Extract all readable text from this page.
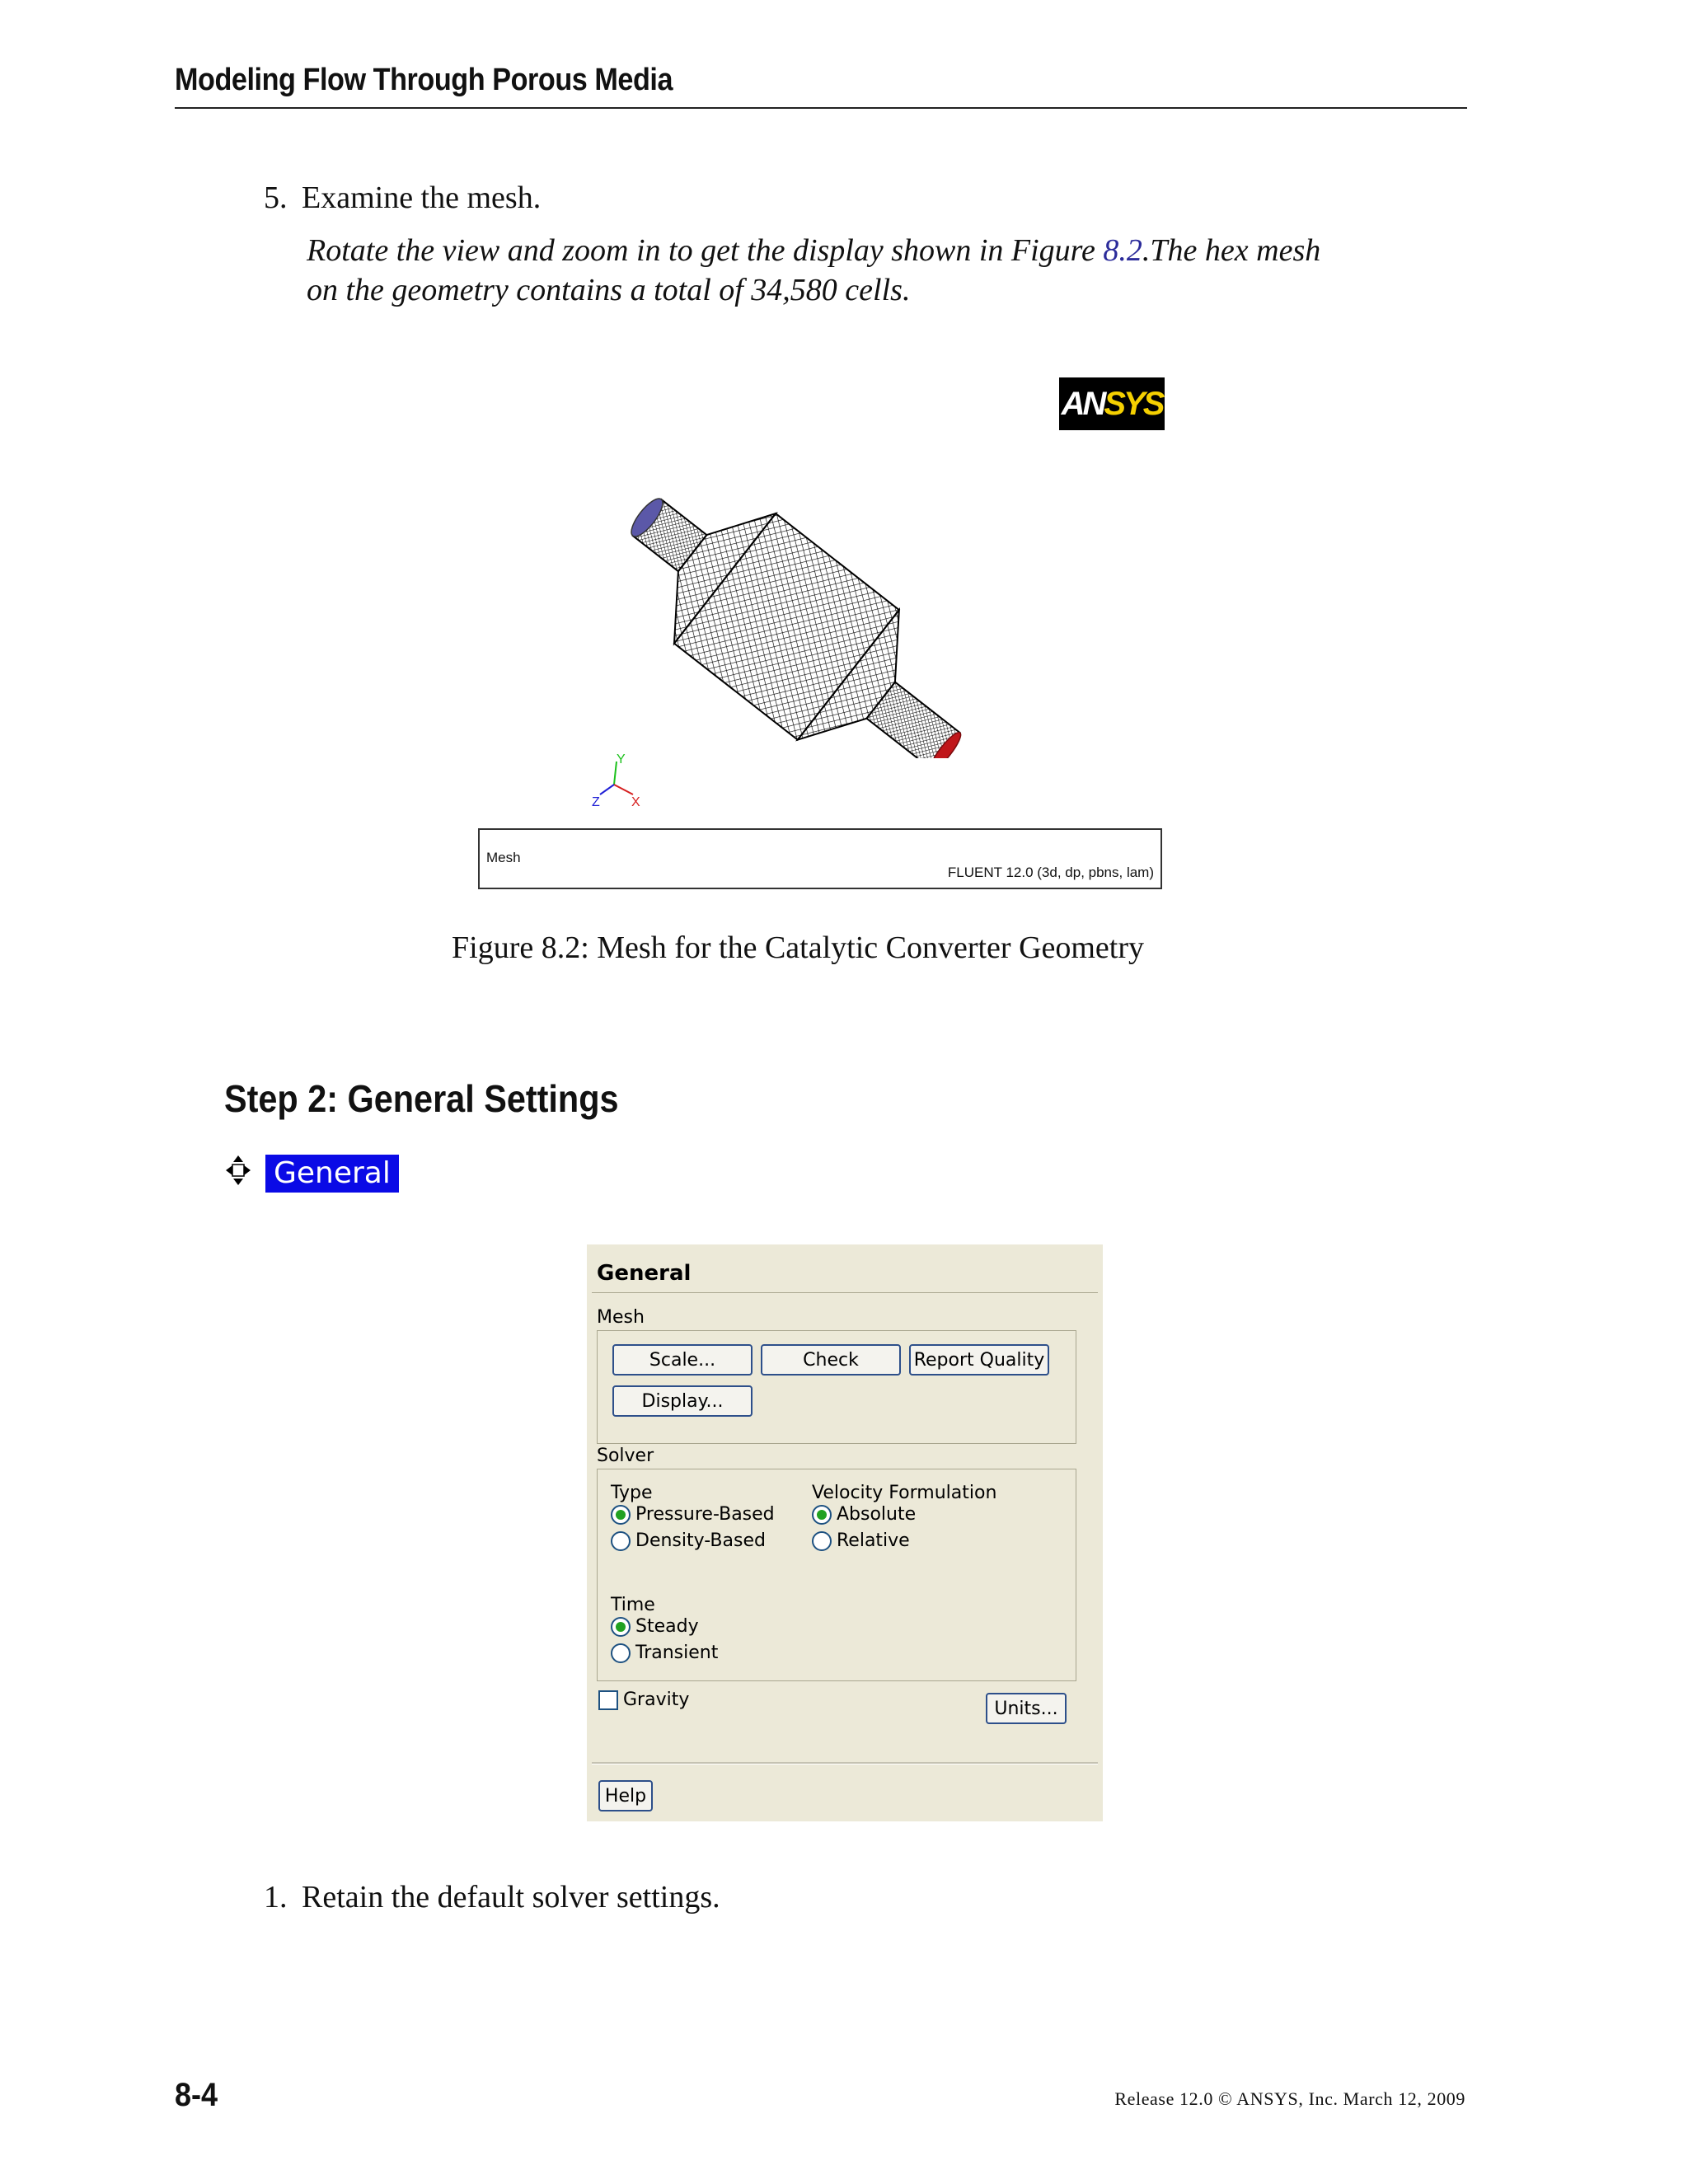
Modeling Flow Through Porous Media
5. Examine the mesh.
Rotate the view and zoom in to get the display shown in Figure 8.2.The hex mesh
on the geometry contains a total of 34,580 cells.
AN SYS
Y
X
Z
Mesh
FLUENT 12.0 (3d, dp, pbns, lam)
Figure 8.2: Mesh for the Catalytic Converter Geometry
Step 2: General Settings
General
General
Mesh
Scale...	Check	Report Quality
Display...
Solver
Type
Pressure-Based
Density-Based
Velocity Formulation
Absolute
Relative
Time
Steady
Transient
Gravity	Units...
Help
1. Retain the default solver settings.
8-4	Release 12.0 © ANSYS, Inc. March 12, 2009
